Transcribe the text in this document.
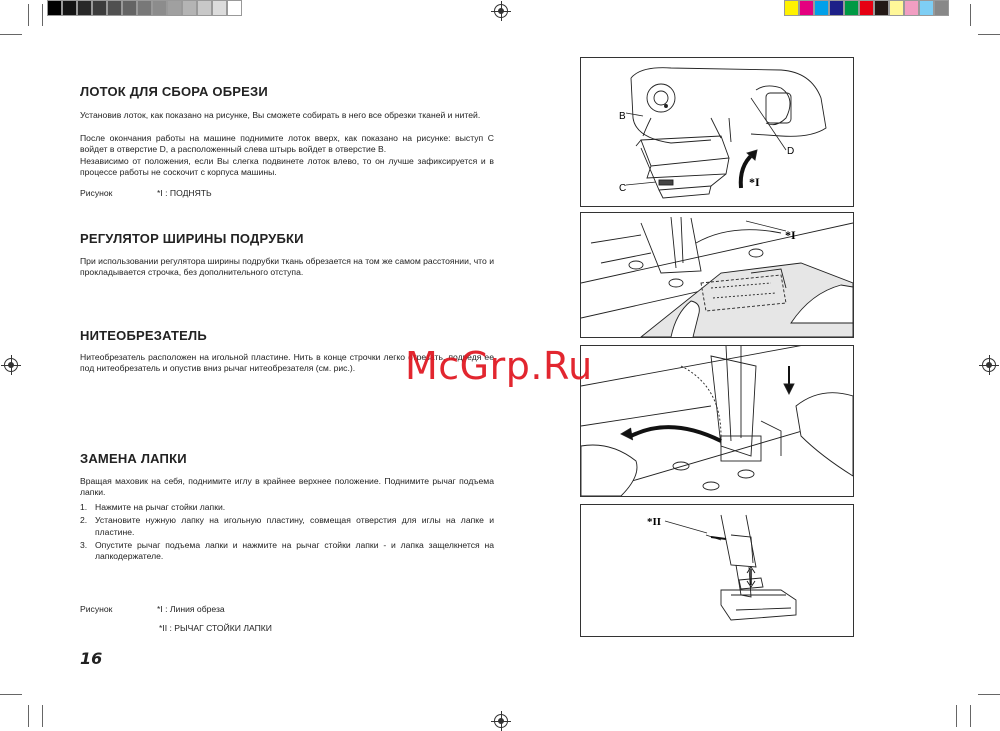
ЛОТОК ДЛЯ СБОРА ОБРЕЗИ

Установив лоток, как показано на рисунке, Вы сможете собирать в него все обрезки тканей и нитей.

После окончания работы на машине поднимите лоток вверх, как показано на рисунке: выступ C войдет в отверстие D, а расположенный слева штырь войдет в отверстие B.

Независимо от положения, если Вы слегка подвинете лоток влево, то он лучше зафиксируется и в процессе работы не соскочит с корпуса машины.

Рисунок	*I : ПОДНЯТЬ
РЕГУЛЯТОР ШИРИНЫ ПОДРУБКИ

При использовании регулятора ширины подрубки ткань обрезается на том же самом расстоянии, что и прокладывается строчка, без дополнительного отступа.

НИТЕОБРЕЗАТЕЛЬ

Нитеобрезатель расположен на игольной пластине. Нить в конце строчки легко отрезать, подведя ее под нитеобрезатель и опустив вниз рычаг нитеобрезателя (см. рис.).

ЗАМЕНА ЛАПКИ

Вращая маховик на себя, поднимите иглу в крайнее верхнее положение. Поднимите рычаг подъема лапки.

1. Нажмите на рычаг стойки лапки.
2. Установите нужную лапку на игольную пластину, совмещая отверстия для иглы на лапке и пластине.
3. Опустите рычаг подъема лапки и нажмите на рычаг стойки лапки - и лапка защелкнется на лапкодержателе.
Рисунок	*I : Линия обреза
*II : РЫЧАГ СТОЙКИ ЛАПКИ
16
B
C
D
*I
*I
*II
McGrp.Ru
